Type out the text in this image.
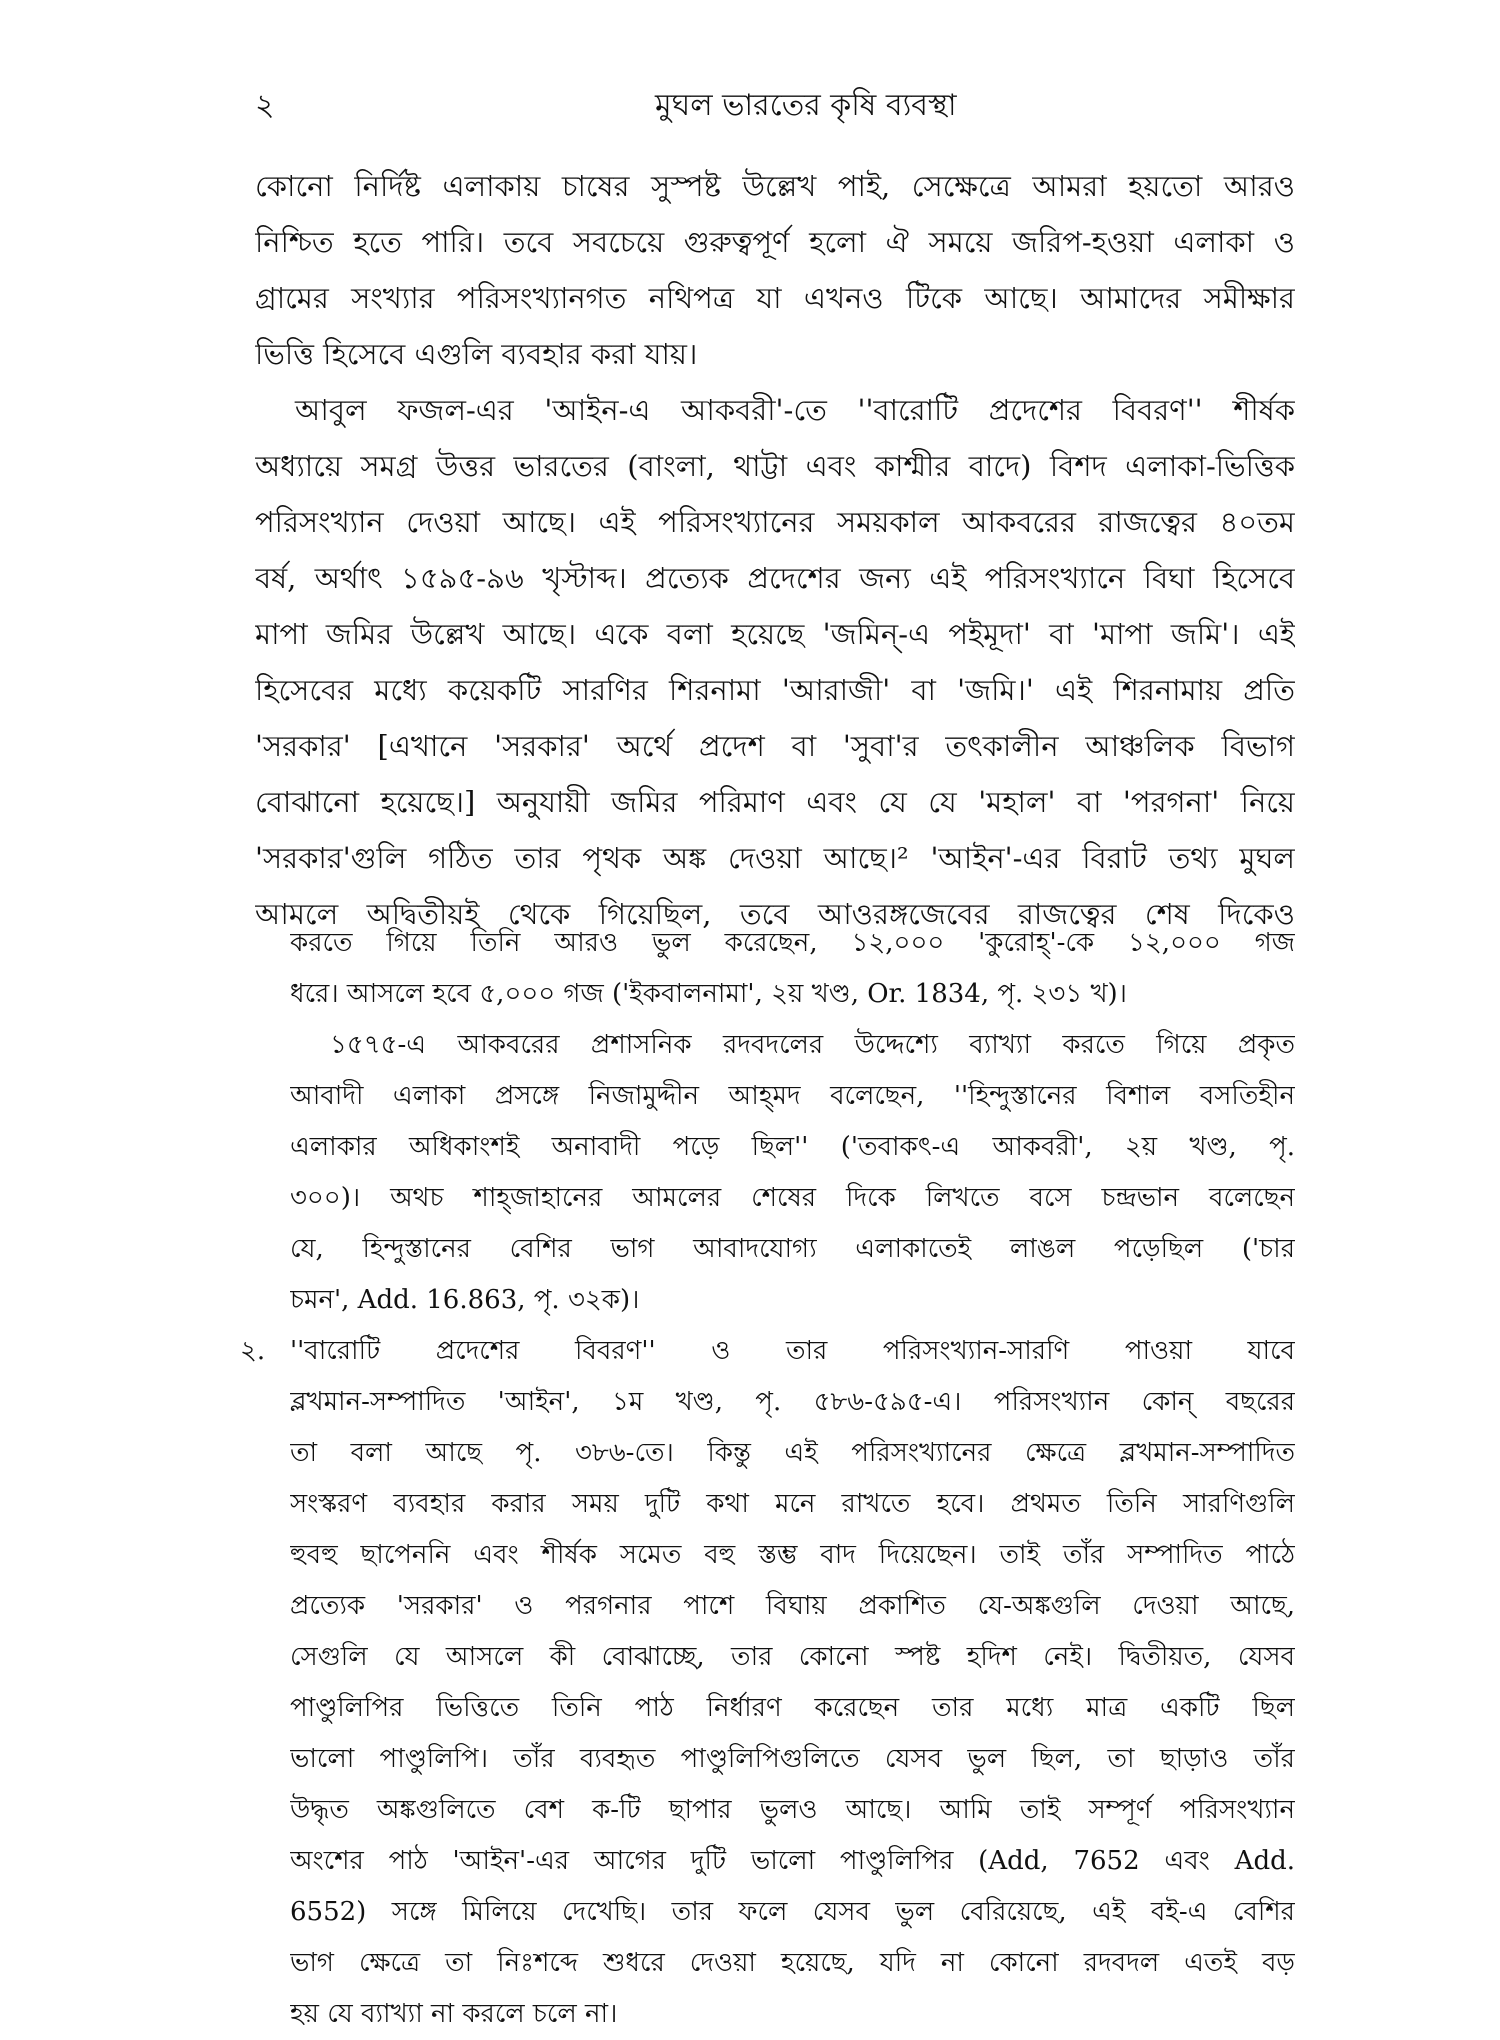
২	মুঘল ভারতের কৃষি ব্যবস্থা
কোনো নির্দিষ্ট এলাকায় চাষের সুস্পষ্ট উল্লেখ পাই, সেক্ষেত্রে আমরা হয়তো আরও
নিশ্চিত হতে পারি। তবে সবচেয়ে গুরুত্বপূর্ণ হলো ঐ সময়ে জরিপ-হওয়া এলাকা ও
গ্রামের সংখ্যার পরিসংখ্যানগত নথিপত্র যা এখনও টিকে আছে। আমাদের সমীক্ষার
ভিত্তি হিসেবে এগুলি ব্যবহার করা যায়।
আবুল ফজল-এর 'আইন-এ আকবরী'-তে ''বারোটি প্রদেশের বিবরণ'' শীর্ষক
অধ্যায়ে সমগ্র উত্তর ভারতের (বাংলা, থাট্টা এবং কাশ্মীর বাদে) বিশদ এলাকা-ভিত্তিক
পরিসংখ্যান দেওয়া আছে। এই পরিসংখ্যানের সময়কাল আকবরের রাজত্বের ৪০তম
বর্ষ, অর্থাৎ ১৫৯৫-৯৬ খৃস্টাব্দ। প্রত্যেক প্রদেশের জন্য এই পরিসংখ্যানে বিঘা হিসেবে
মাপা জমির উল্লেখ আছে। একে বলা হয়েছে 'জমিন্‌-এ পইমূদা' বা 'মাপা জমি'। এই
হিসেবের মধ্যে কয়েকটি সারণির শিরনামা 'আরাজী' বা 'জমি।' এই শিরনামায় প্রতি
'সরকার' [এখানে 'সরকার' অর্থে প্রদেশ বা 'সুবা'র তৎকালীন আঞ্চলিক বিভাগ
বোঝানো হয়েছে।] অনুযায়ী জমির পরিমাণ এবং যে যে 'মহাল' বা 'পরগনা' নিয়ে
'সরকার'গুলি গঠিত তার পৃথক অঙ্ক দেওয়া আছে।² 'আইন'-এর বিরাট তথ্য মুঘল
আমলে অদ্বিতীয়ই থেকে গিয়েছিল, তবে আওরঙ্গজেবের রাজত্বের শেষ দিকেও
করতে গিয়ে তিনি আরও ভুল করেছেন, ১২,০০০ 'কুরোহ্‌'-কে ১২,০০০ গজ
ধরে। আসলে হবে ৫,০০০ গজ ('ইকবালনামা', ২য় খণ্ড, Or. 1834, পৃ. ২৩১ খ)।
১৫৭৫-এ আকবরের প্রশাসনিক রদবদলের উদ্দেশ্যে ব্যাখ্যা করতে গিয়ে প্রকৃত
আবাদী এলাকা প্রসঙ্গে নিজামুদ্দীন আহ্‌মদ বলেছেন, ''হিন্দুস্তানের বিশাল বসতিহীন
এলাকার অধিকাংশই অনাবাদী পড়ে ছিল'' ('তবাকৎ-এ আকবরী', ২য় খণ্ড, পৃ.
৩০০)। অথচ শাহ্‌জাহানের আমলের শেষের দিকে লিখতে বসে চন্দ্রভান বলেছেন
যে, হিন্দুস্তানের বেশির ভাগ আবাদযোগ্য এলাকাতেই লাঙল পড়েছিল ('চার
চমন', Add. 16.863, পৃ. ৩২ক)।
২. ''বারোটি প্রদেশের বিবরণ'' ও তার পরিসংখ্যান-সারণি পাওয়া যাবে
ব্লখমান-সম্পাদিত 'আইন', ১ম খণ্ড, পৃ. ৫৮৬-৫৯৫-এ। পরিসংখ্যান কোন্‌ বছরের
তা বলা আছে পৃ. ৩৮৬-তে। কিন্তু এই পরিসংখ্যানের ক্ষেত্রে ব্লখমান-সম্পাদিত
সংস্করণ ব্যবহার করার সময় দুটি কথা মনে রাখতে হবে। প্রথমত তিনি সারণিগুলি
হুবহু ছাপেননি এবং শীর্ষক সমেত বহু স্তম্ভ বাদ দিয়েছেন। তাই তাঁর সম্পাদিত পাঠে
প্রত্যেক 'সরকার' ও পরগনার পাশে বিঘায় প্রকাশিত যে-অঙ্কগুলি দেওয়া আছে,
সেগুলি যে আসলে কী বোঝাচ্ছে, তার কোনো স্পষ্ট হদিশ নেই। দ্বিতীয়ত, যেসব
পাণ্ডুলিপির ভিত্তিতে তিনি পাঠ নির্ধারণ করেছেন তার মধ্যে মাত্র একটি ছিল
ভালো পাণ্ডুলিপি। তাঁর ব্যবহৃত পাণ্ডুলিপিগুলিতে যেসব ভুল ছিল, তা ছাড়াও তাঁর
উদ্ধৃত অঙ্কগুলিতে বেশ ক-টি ছাপার ভুলও আছে। আমি তাই সম্পূর্ণ পরিসংখ্যান
অংশের পাঠ 'আইন'-এর আগের দুটি ভালো পাণ্ডুলিপির (Add, 7652 এবং Add.
6552) সঙ্গে মিলিয়ে দেখেছি। তার ফলে যেসব ভুল বেরিয়েছে, এই বই-এ বেশির
ভাগ ক্ষেত্রে তা নিঃশব্দে শুধরে দেওয়া হয়েছে, যদি না কোনো রদবদল এতই বড়
হয় যে ব্যাখ্যা না করলে চলে না।
